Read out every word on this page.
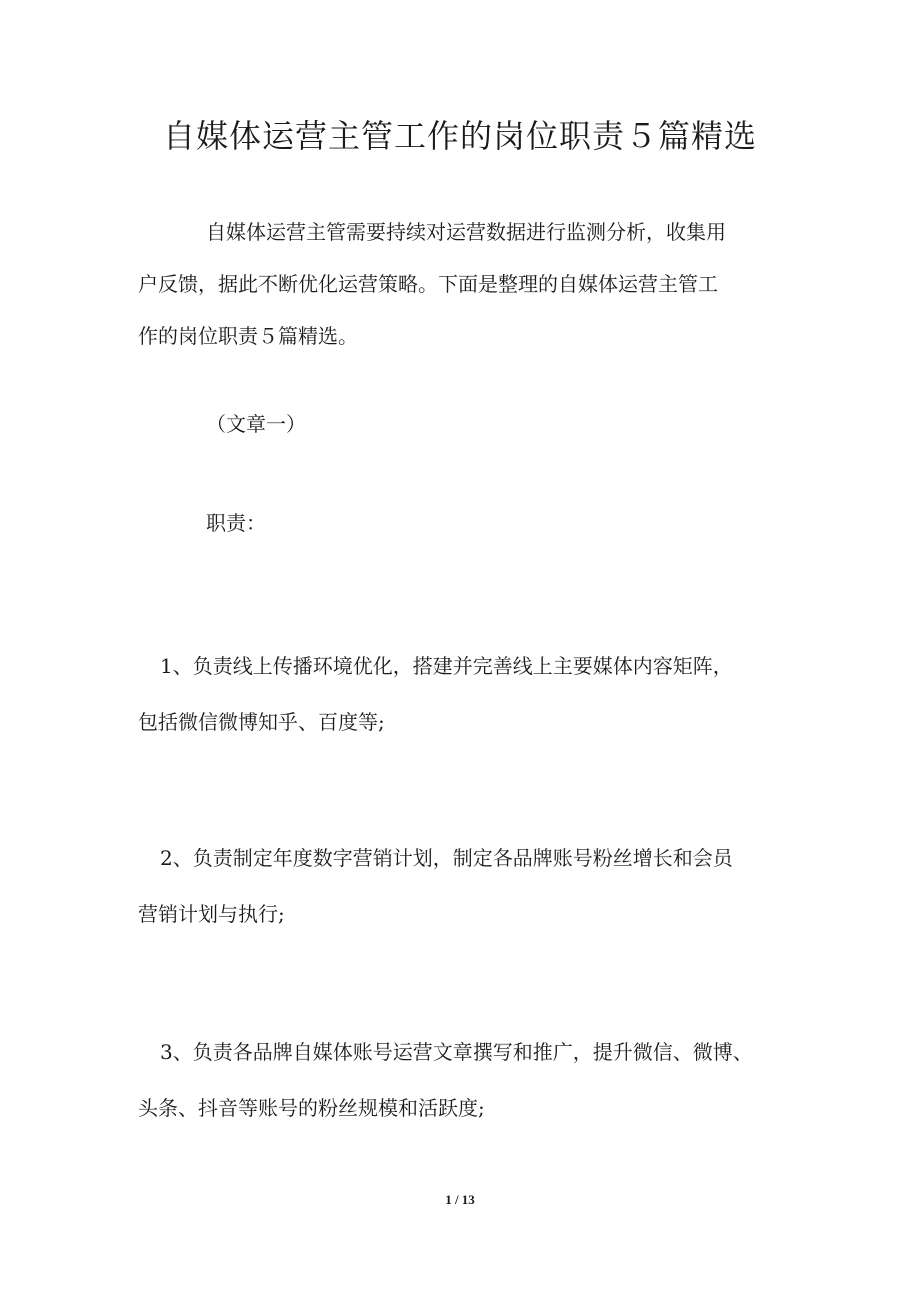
自媒体运营主管工作的岗位职责５篇精选
自媒体运营主管需要持续对运营数据进行监测分析，收集用
户反馈，据此不断优化运营策略。下面是整理的自媒体运营主管工
作的岗位职责５篇精选。
（文章一）
职责：
1、负责线上传播环境优化，搭建并完善线上主要媒体内容矩阵，
包括微信微博知乎、百度等;
2、负责制定年度数字营销计划，制定各品牌账号粉丝增长和会员
营销计划与执行;
3、负责各品牌自媒体账号运营文章撰写和推广，提升微信、微博、
头条、抖音等账号的粉丝规模和活跃度;
1 / 13
